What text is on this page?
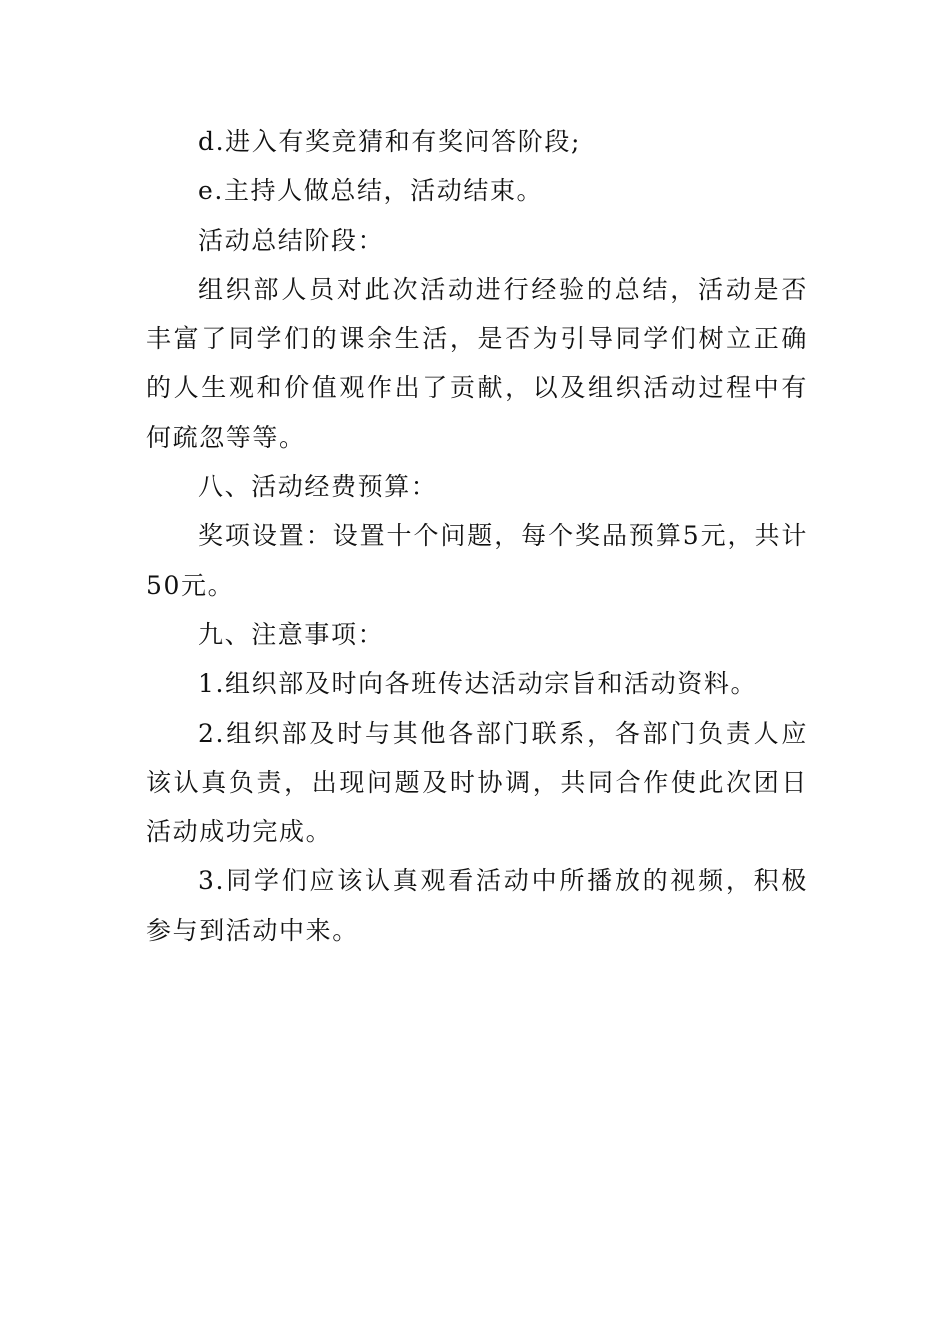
d.进入有奖竞猜和有奖问答阶段;

e.主持人做总结，活动结束。

活动总结阶段：

组织部人员对此次活动进行经验的总结，活动是否丰富了同学们的课余生活，是否为引导同学们树立正确的人生观和价值观作出了贡献，以及组织活动过程中有何疏忽等等。

八、活动经费预算：

奖项设置：设置十个问题，每个奖品预算5元，共计50元。

九、注意事项：

1.组织部及时向各班传达活动宗旨和活动资料。

2.组织部及时与其他各部门联系，各部门负责人应该认真负责，出现问题及时协调，共同合作使此次团日活动成功完成。

3.同学们应该认真观看活动中所播放的视频，积极参与到活动中来。
